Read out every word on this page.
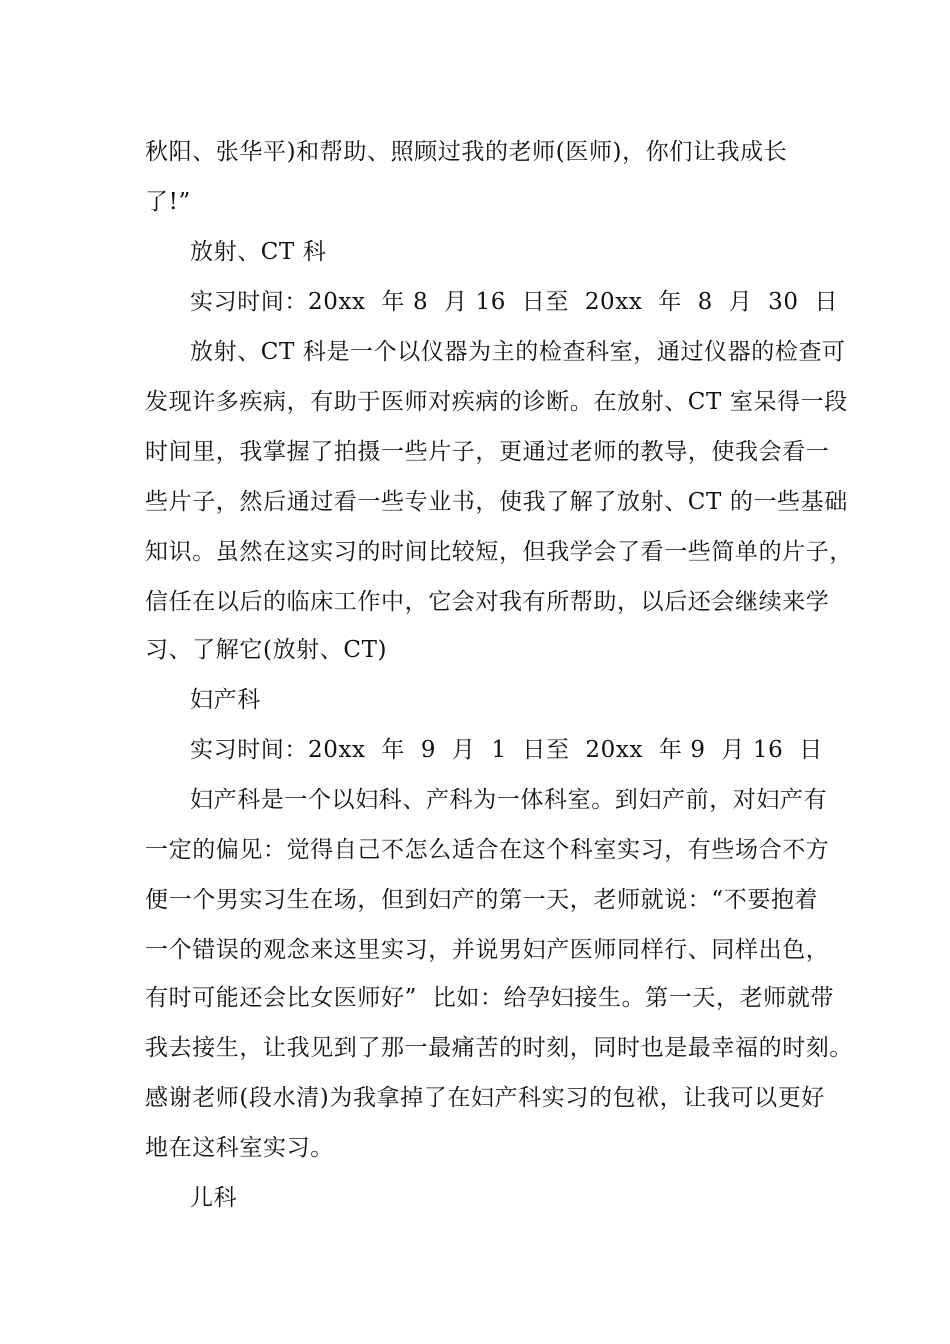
秋阳、张华平)和帮助、照顾过我的老师(医师)，你们让我成长
了!”
放射、CT 科
实习时间：20xx  年 8  月 16  日至  20xx  年  8  月  30  日
放射、CT 科是一个以仪器为主的检查科室，通过仪器的检查可
发现许多疾病，有助于医师对疾病的诊断。在放射、CT 室呆得一段
时间里，我掌握了拍摄一些片子，更通过老师的教导，使我会看一
些片子，然后通过看一些专业书，使我了解了放射、CT 的一些基础
知识。虽然在这实习的时间比较短，但我学会了看一些简单的片子，
信任在以后的临床工作中，它会对我有所帮助，以后还会继续来学
习、了解它(放射、CT)
妇产科
实习时间：20xx  年  9  月  1  日至  20xx  年 9  月 16  日
妇产科是一个以妇科、产科为一体科室。到妇产前，对妇产有
一定的偏见：觉得自己不怎么适合在这个科室实习，有些场合不方
便一个男实习生在场，但到妇产的第一天，老师就说：“不要抱着
一个错误的观念来这里实习，并说男妇产医师同样行、同样出色，
有时可能还会比女医师好”  比如：给孕妇接生。第一天，老师就带
我去接生，让我见到了那一最痛苦的时刻，同时也是最幸福的时刻。
感谢老师(段水清)为我拿掉了在妇产科实习的包袱，让我可以更好
地在这科室实习。
儿科
